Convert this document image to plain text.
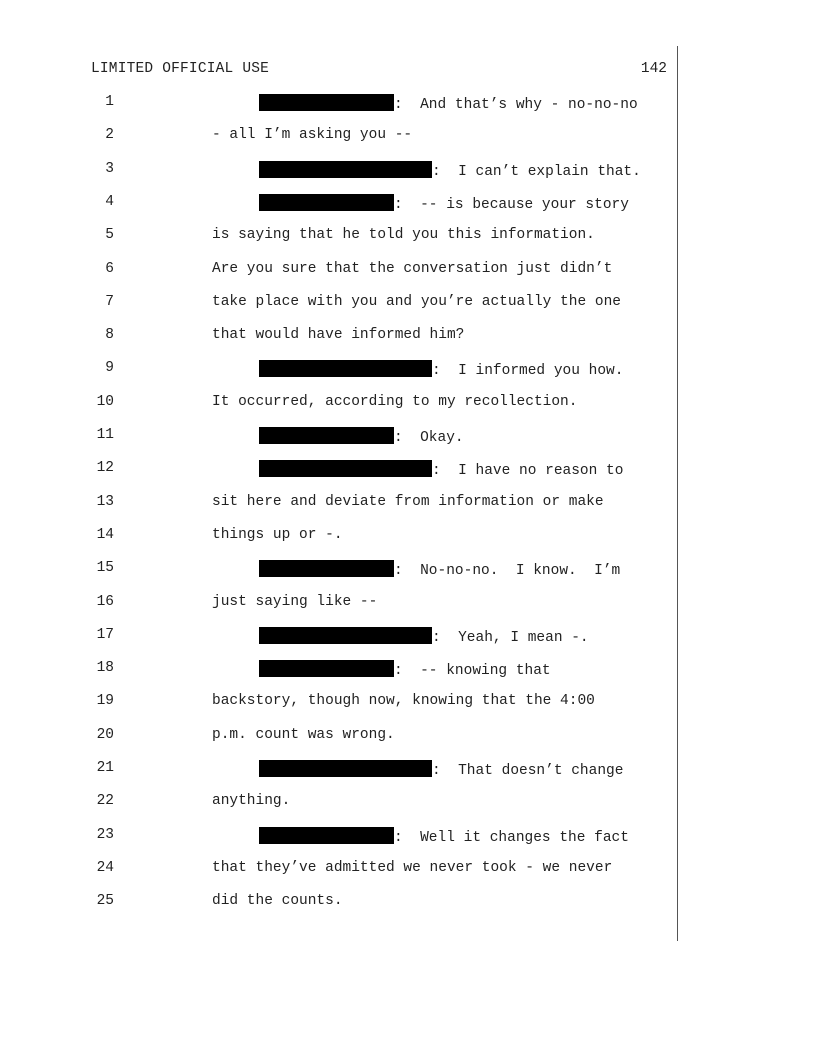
LIMITED OFFICIAL USE	142
1	:  And that’s why - no-no-no
2	- all I’m asking you --
3	:  I can’t explain that.
4	:  -- is because your story
5	is saying that he told you this information.
6	Are you sure that the conversation just didn’t
7	take place with you and you’re actually the one
8	that would have informed him?
9	:  I informed you how.
10	It occurred, according to my recollection.
11	:  Okay.
12	:  I have no reason to
13	sit here and deviate from information or make
14	things up or -.
15	:  No-no-no.  I know.  I’m
16	just saying like --
17	:  Yeah, I mean -.
18	:  -- knowing that
19	backstory, though now, knowing that the 4:00
20	p.m. count was wrong.
21	:  That doesn’t change
22	anything.
23	:  Well it changes the fact
24	that they’ve admitted we never took - we never
25	did the counts.
